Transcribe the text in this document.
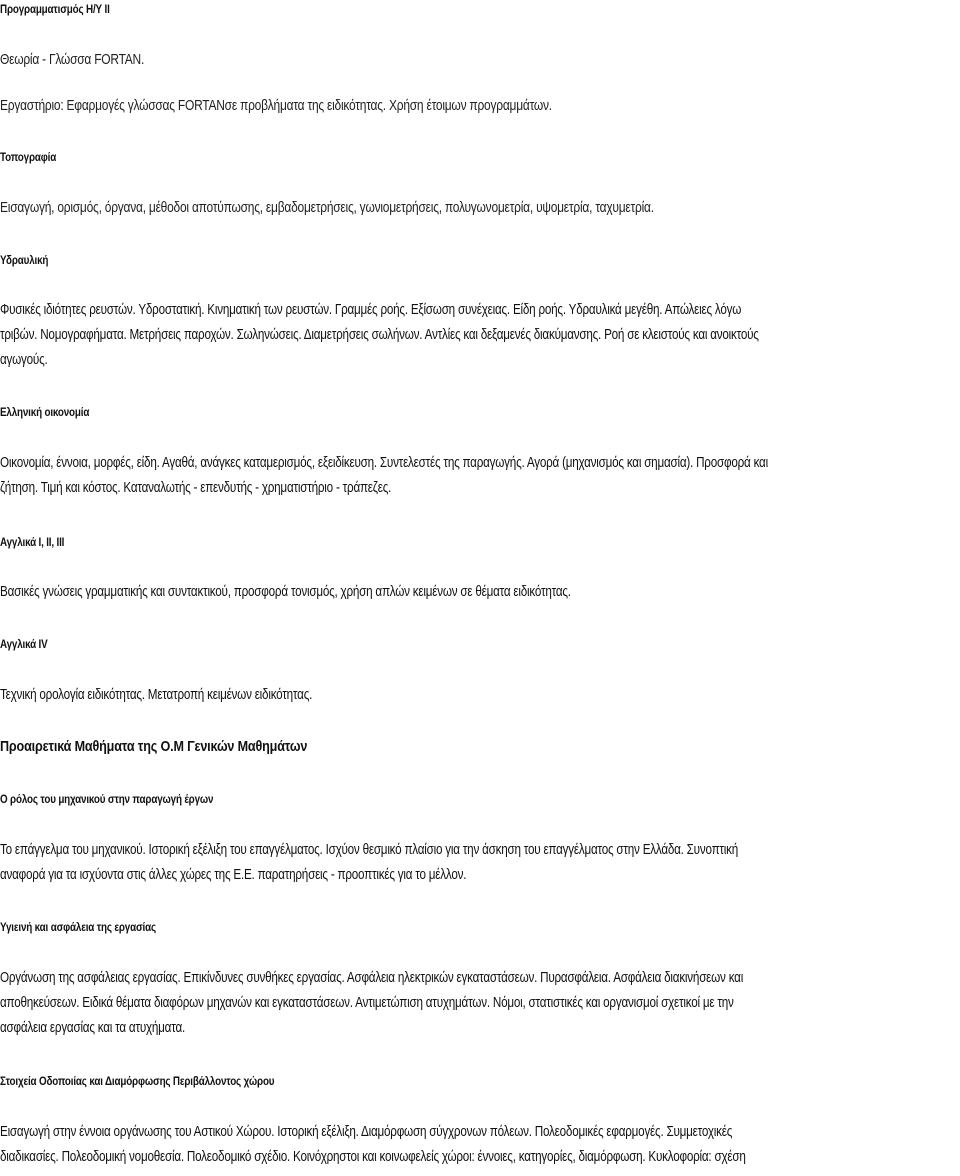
Προγραμματισμός Η/Υ ΙΙ
Θεωρία - Γλώσσα FORTAN.
Εργαστήριο: Εφαρμογές γλώσσας FORTANσε προβλήματα της ειδικότητας. Χρήση έτοιμων προγραμμάτων.
Τοπογραφία
Εισαγωγή, ορισμός, όργανα, μέθοδοι αποτύπωσης, εμβαδομετρήσεις, γωνιομετρήσεις, πολυγωνομετρία, υψομετρία, ταχυμετρία.
Υδραυλική
Φυσικές ιδιότητες ρευστών. Υδροστατική. Κινηματική των ρευστών. Γραμμές ροής. Εξίσωση συνέχειας. Είδη ροής. Υδραυλικά μεγέθη. Απώλειες λόγω
τριβών. Νομογραφήματα. Μετρήσεις παροχών. Σωληνώσεις. Διαμετρήσεις σωλήνων. Αντλίες και δεξαμενές διακύμανσης. Ροή σε κλειστούς και ανοικτούς
αγωγούς.
Ελληνική οικονομία
Οικονομία, έννοια, μορφές, είδη. Αγαθά, ανάγκες καταμερισμός, εξειδίκευση. Συντελεστές της παραγωγής. Αγορά (μηχανισμός και σημασία). Προσφορά και
ζήτηση. Τιμή και κόστος. Καταναλωτής - επενδυτής - χρηματιστήριο - τράπεζες.
Αγγλικά Ι, ΙΙ, ΙΙΙ
Βασικές γνώσεις γραμματικής και συντακτικού, προσφορά τονισμός, χρήση απλών κειμένων σε θέματα ειδικότητας.
Αγγλικά ΙV
Τεχνική ορολογία ειδικότητας. Μετατροπή κειμένων ειδικότητας.
Προαιρετικά Μαθήματα της Ο.Μ Γενικών Μαθημάτων
Ο ρόλος του μηχανικού στην παραγωγή έργων
Το επάγγελμα του μηχανικού. Ιστορική εξέλιξη του επαγγέλματος. Ισχύον θεσμικό πλαίσιο για την άσκηση του επαγγέλματος στην Ελλάδα. Συνοπτική
αναφορά για τα ισχύοντα στις άλλες χώρες της Ε.Ε. παρατηρήσεις - προοπτικές για το μέλλον.
Υγιεινή και ασφάλεια της εργασίας
Οργάνωση της ασφάλειας εργασίας. Επικίνδυνες συνθήκες εργασίας. Ασφάλεια ηλεκτρικών εγκαταστάσεων. Πυρασφάλεια. Ασφάλεια διακινήσεων και
αποθηκεύσεων. Ειδικά θέματα διαφόρων μηχανών και εγκαταστάσεων. Αντιμετώπιση ατυχημάτων. Νόμοι, στατιστικές και οργανισμοί σχετικοί με την
ασφάλεια εργασίας και τα ατυχήματα.
Στοιχεία Οδοποιίας και Διαμόρφωσης Περιβάλλοντος χώρου
Εισαγωγή στην έννοια οργάνωσης του Αστικού Χώρου. Ιστορική εξέλιξη. Διαμόρφωση σύγχρονων πόλεων. Πολεοδομικές εφαρμογές. Συμμετοχικές
διαδικασίες. Πολεοδομική νομοθεσία. Πολεοδομικό σχέδιο. Κοινόχρηστοι και κοινωφελείς χώροι: έννοιες, κατηγορίες, διαμόρφωση. Κυκλοφορία: σχέση
